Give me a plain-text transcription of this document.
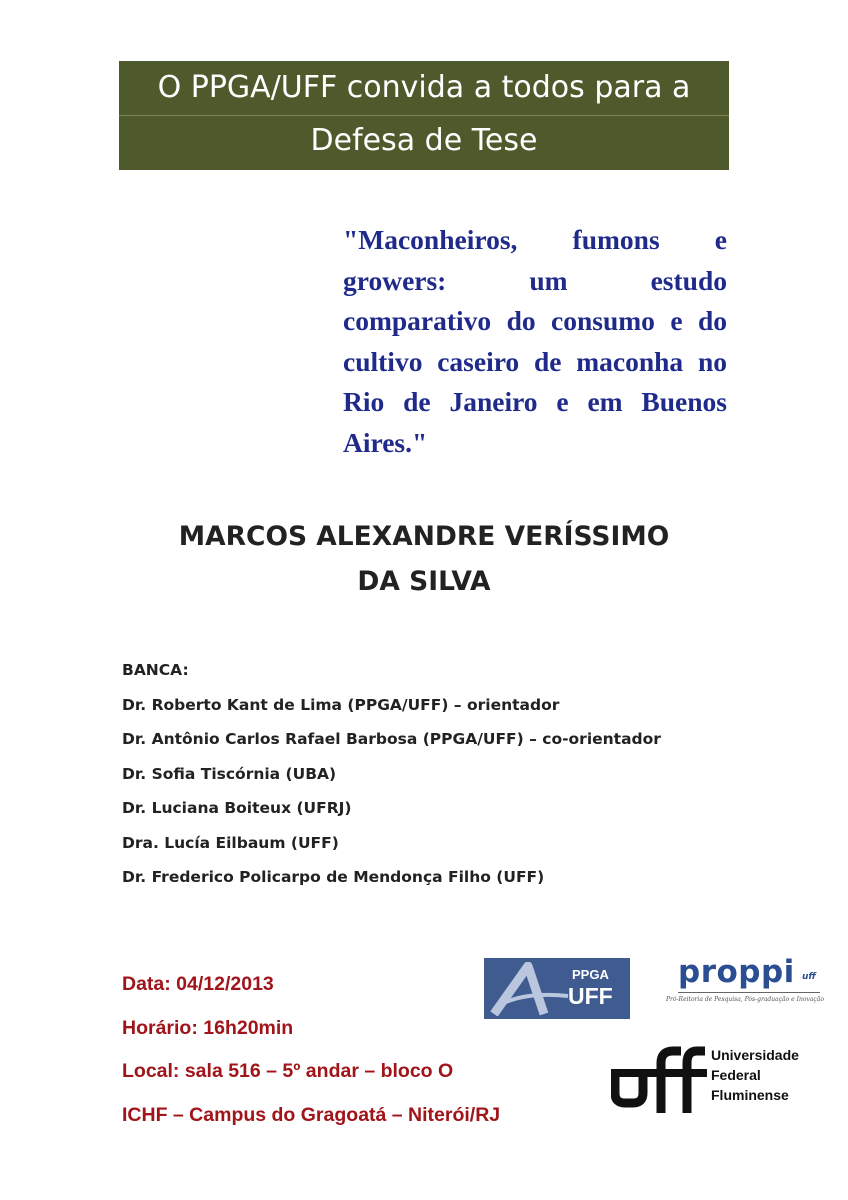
O PPGA/UFF convida a todos para a
Defesa de Tese
"Maconheiros, fumons e growers: um estudo comparativo do consumo e do cultivo caseiro de maconha no Rio de Janeiro e em Buenos Aires."
MARCOS ALEXANDRE VERÍSSIMO
DA SILVA
BANCA:
Dr. Roberto Kant de Lima (PPGA/UFF) – orientador
Dr. Antônio Carlos Rafael Barbosa (PPGA/UFF) – co-orientador
Dr. Sofia Tiscórnia (UBA)
Dr. Luciana Boiteux (UFRJ)
Dra. Lucía Eilbaum (UFF)
Dr. Frederico Policarpo de Mendonça Filho (UFF)
Data: 04/12/2013
Horário: 16h20min
Local: sala 516 – 5º andar – bloco O
ICHF – Campus do Gragoatá – Niterói/RJ
PPGA
UFF
proppi uff
Pró-Reitoria de Pesquisa, Pós-graduação e Inovação
Universidade
Federal
Fluminense
